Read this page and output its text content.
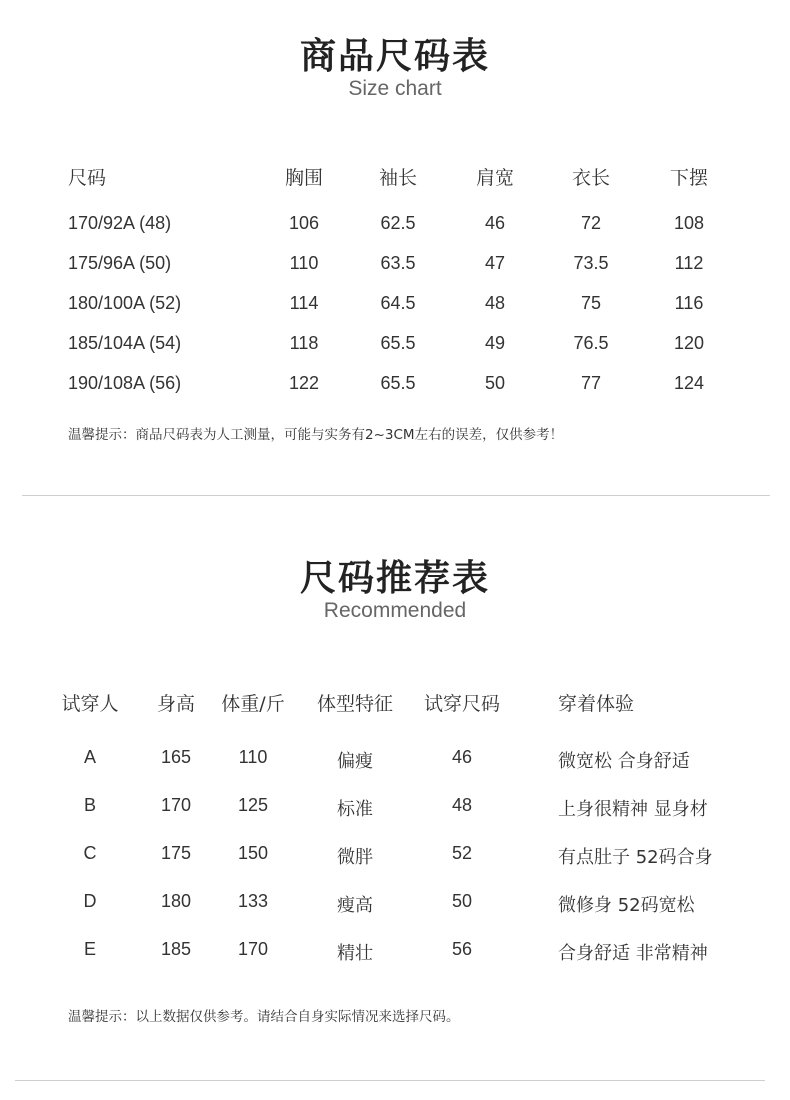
商品尺码表
Size chart
尺码	胸围	袖长	肩宽	衣长	下摆
170/92A (48)	106	62.5	46	72	108
175/96A (50)	110	63.5	47	73.5	112
180/100A (52)	114	64.5	48	75	116
185/104A (54)	118	65.5	49	76.5	120
190/108A (56)	122	65.5	50	77	124
温馨提示：商品尺码表为人工测量，可能与实务有2~3CM左右的误差，仅供参考！
尺码推荐表
Recommended
试穿人 身高 体重/斤 体型特征 试穿尺码	穿着体验
A	165	110	偏瘦	46	微宽松 合身舒适
B	170	125	标准	48	上身很精神 显身材
C	175	150	微胖	52	有点肚子 52码合身
D	180	133	瘦高	50	微修身 52码宽松
E	185	170	精壮	56	合身舒适 非常精神
温馨提示：以上数据仅供参考。请结合自身实际情况来选择尺码。
